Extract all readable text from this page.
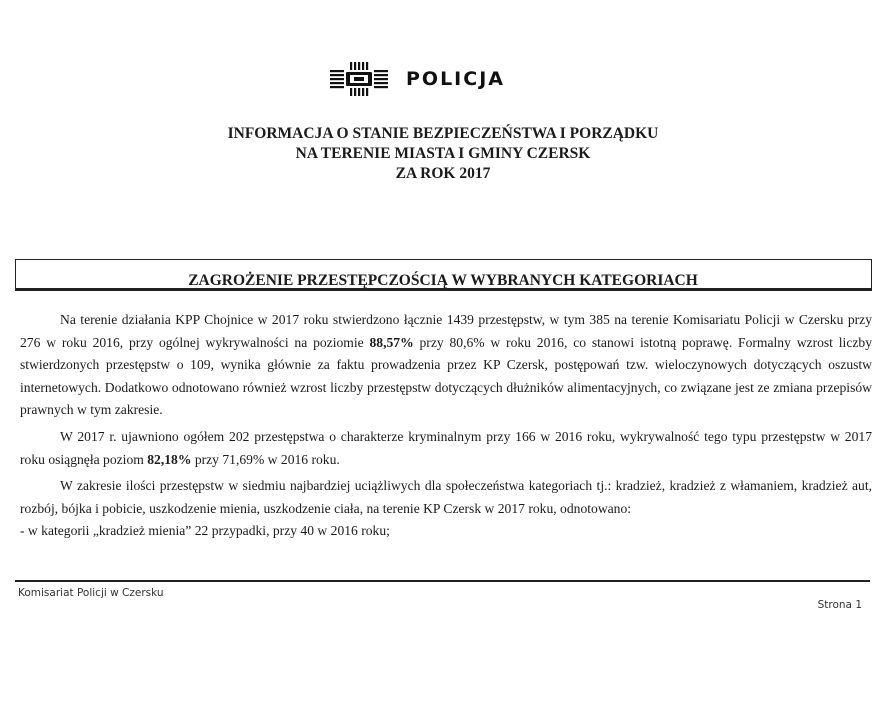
POLICJA
INFORMACJA O STANIE BEZPIECZEŃSTWA I PORZĄDKU
NA TERENIE MIASTA I GMINY CZERSK
ZA ROK 2017
ZAGROŻENIE PRZESTĘPCZOŚCIĄ W WYBRANYCH KATEGORIACH

Na terenie działania KPP Chojnice w 2017 roku stwierdzono łącznie 1439 przestępstw, w tym 385 na terenie Komisariatu Policji w Czersku przy 276 w roku 2016, przy ogólnej wykrywalności na poziomie 88,57% przy 80,6% w roku 2016, co stanowi istotną poprawę. Formalny wzrost liczby stwierdzonych przestępstw o 109, wynika głównie za faktu prowadzenia przez KP Czersk, postępowań tzw. wieloczynowych dotyczących oszustw internetowych. Dodatkowo odnotowano również wzrost liczby przestępstw dotyczących dłużników alimentacyjnych, co związane jest ze zmiana przepisów prawnych w tym zakresie.

W 2017 r. ujawniono ogółem 202 przestępstwa o charakterze kryminalnym przy 166 w 2016 roku, wykrywalność tego typu przestępstw w 2017 roku osiągnęła poziom 82,18% przy 71,69% w 2016 roku.

W zakresie ilości przestępstw w siedmiu najbardziej uciążliwych dla społeczeństwa kategoriach tj.: kradzież, kradzież z włamaniem, kradzież aut, rozbój, bójka i pobicie, uszkodzenie mienia, uszkodzenie ciała, na terenie KP Czersk w 2017 roku, odnotowano:

- w kategorii „kradzież mienia” 22 przypadki, przy 40 w 2016 roku;

Komisariat Policji w Czersku
Strona 1
